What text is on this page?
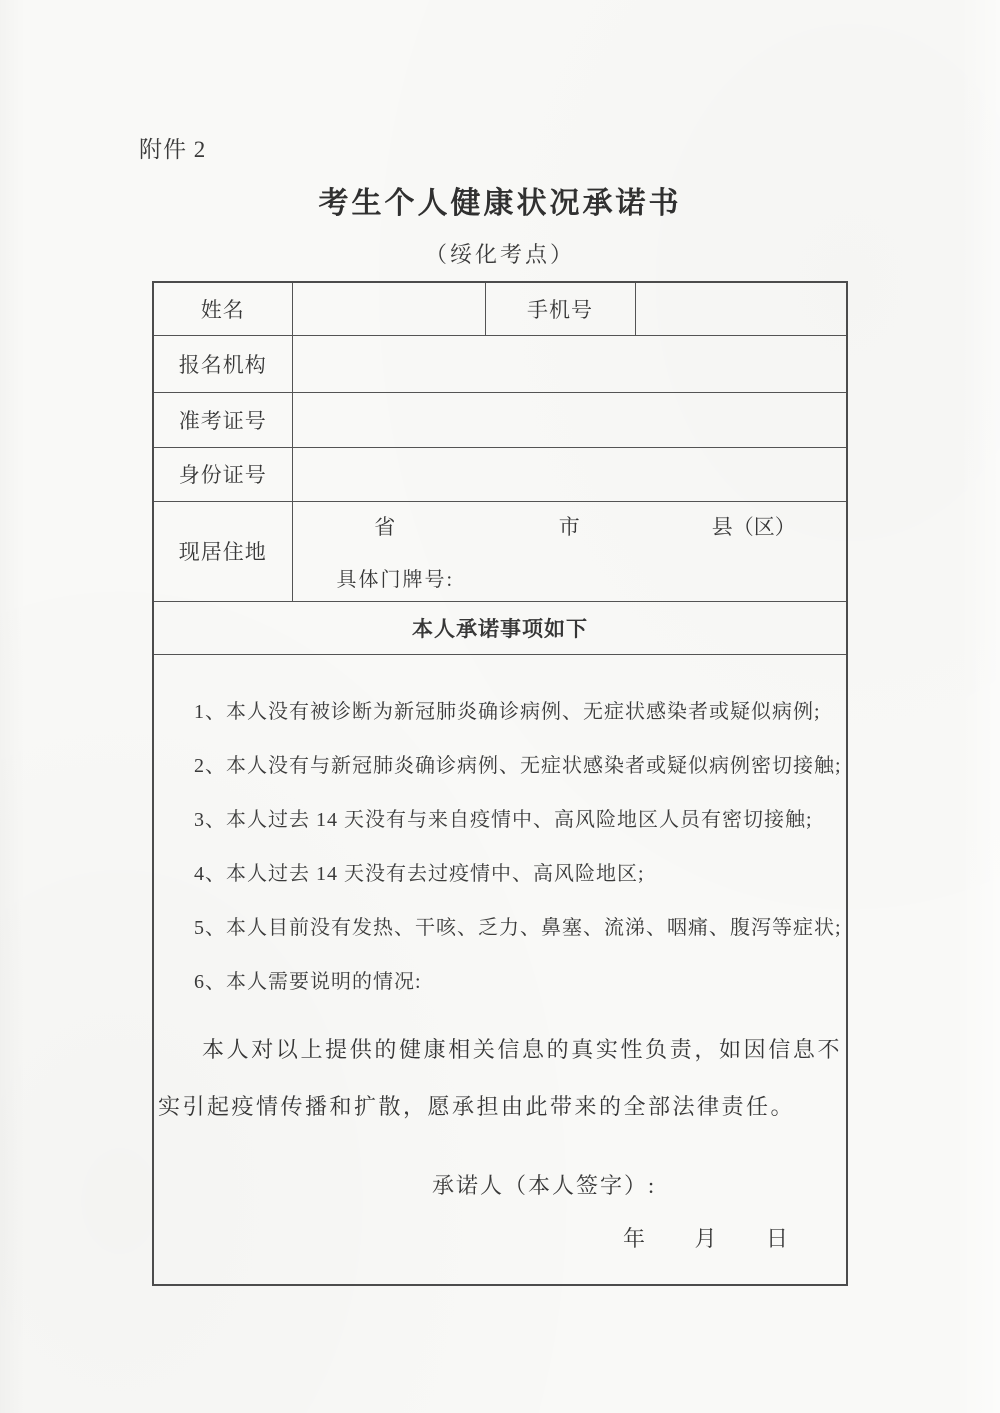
附件 2
考生个人健康状况承诺书
（绥化考点）
姓名		手机号	
报名机构			
准考证号			
身份证号			
现居住地	省 市 县（区）
具体门牌号:		

本人承诺事项如下			

1、本人没有被诊断为新冠肺炎确诊病例、无症状感染者或疑似病例;

2、本人没有与新冠肺炎确诊病例、无症状感染者或疑似病例密切接触;

3、本人过去 14 天没有与来自疫情中、高风险地区人员有密切接触;

4、本人过去 14 天没有去过疫情中、高风险地区;

5、本人目前没有发热、干咳、乏力、鼻塞、流涕、咽痛、腹泻等症状;

6、本人需要说明的情况:

本人对以上提供的健康相关信息的真实性负责，如因信息不实引起疫情传播和扩散，愿承担由此带来的全部法律责任。

承诺人（本人签字）:
年 月 日
